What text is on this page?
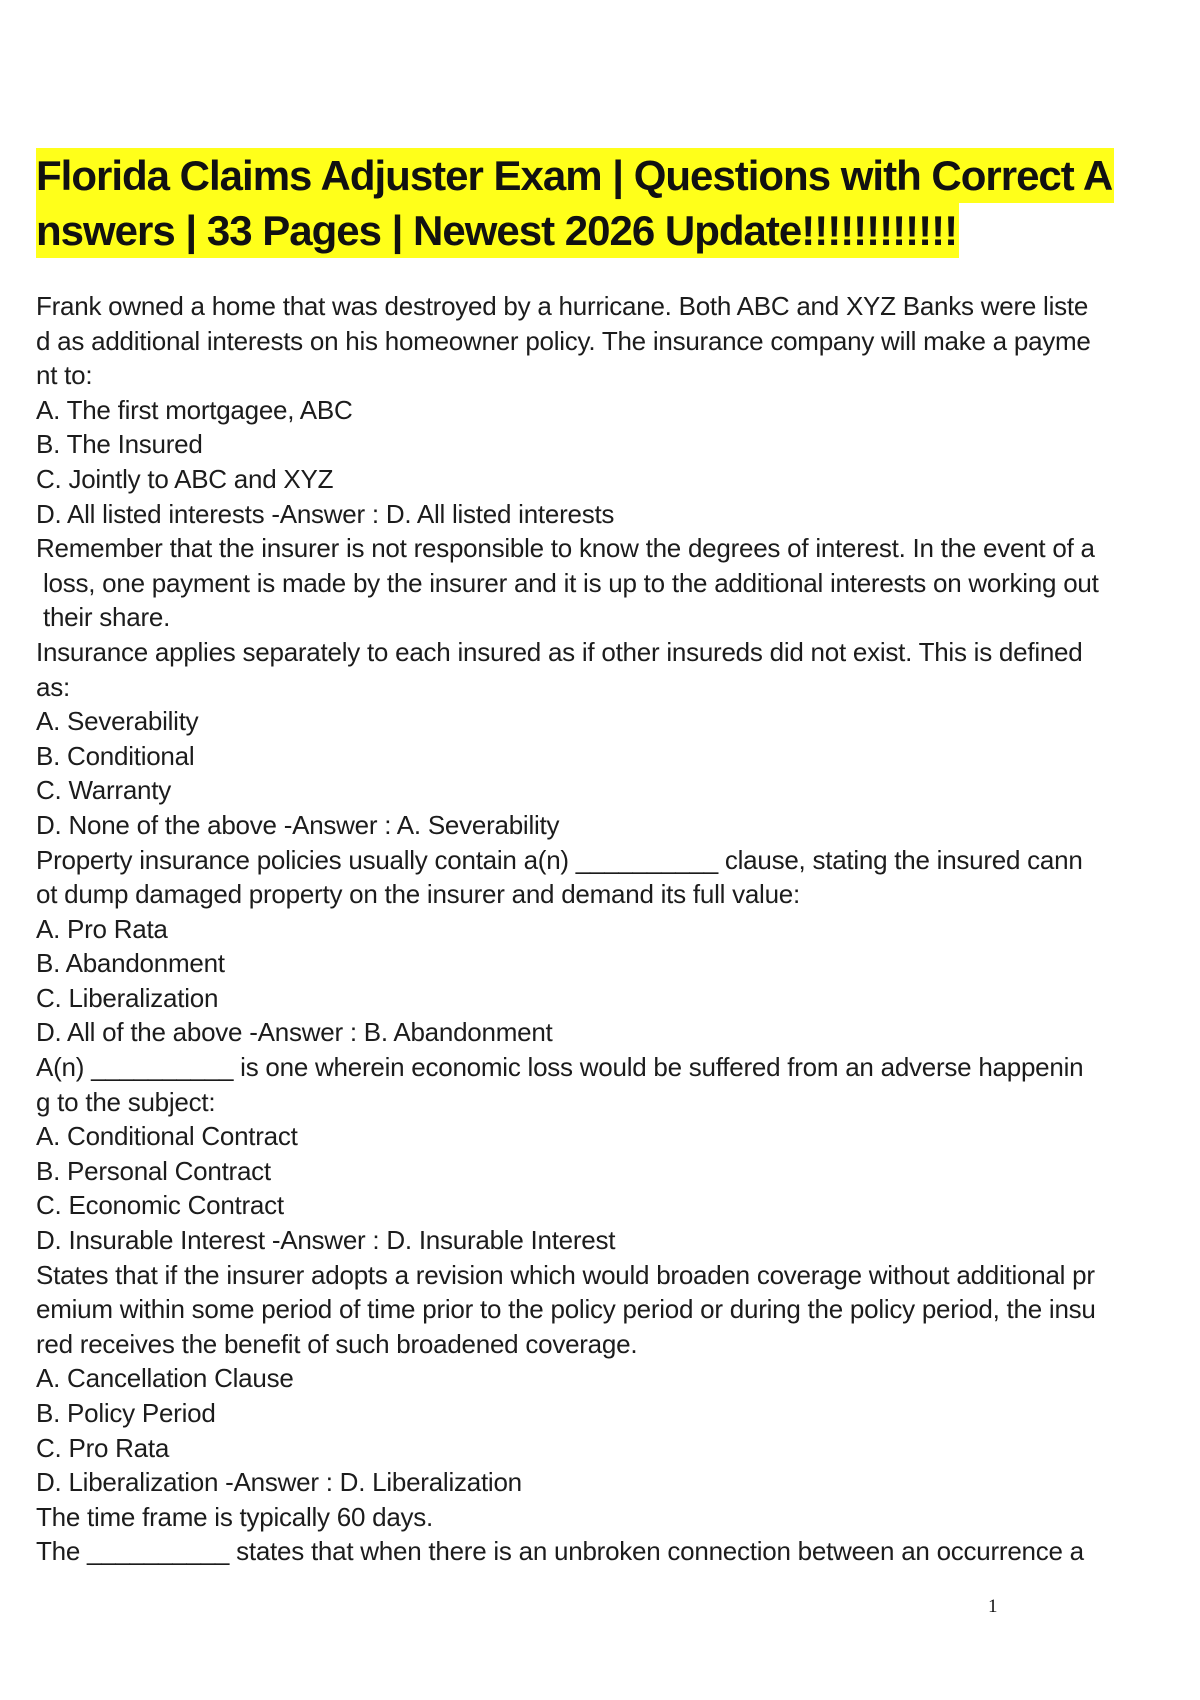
Florida Claims Adjuster Exam | Questions with Correct A
nswers | 33 Pages | Newest 2026 Update!!!!!!!!!!!!
Frank owned a home that was destroyed by a hurricane. Both ABC and XYZ Banks were liste
d as additional interests on his homeowner policy. The insurance company will make a payme
nt to:
A. The first mortgagee, ABC
B. The Insured
C. Jointly to ABC and XYZ
D. All listed interests -Answer : D. All listed interests
Remember that the insurer is not responsible to know the degrees of interest. In the event of a
loss, one payment is made by the insurer and it is up to the additional interests on working out
their share.
Insurance applies separately to each insured as if other insureds did not exist. This is defined
as:
A. Severability
B. Conditional
C. Warranty
D. None of the above -Answer : A. Severability
Property insurance policies usually contain a(n) __________ clause, stating the insured cann
ot dump damaged property on the insurer and demand its full value:
A. Pro Rata
B. Abandonment
C. Liberalization
D. All of the above -Answer : B. Abandonment
A(n) __________ is one wherein economic loss would be suffered from an adverse happenin
g to the subject:
A. Conditional Contract
B. Personal Contract
C. Economic Contract
D. Insurable Interest -Answer : D. Insurable Interest
States that if the insurer adopts a revision which would broaden coverage without additional pr
emium within some period of time prior to the policy period or during the policy period, the insu
red receives the benefit of such broadened coverage.
A. Cancellation Clause
B. Policy Period
C. Pro Rata
D. Liberalization -Answer : D. Liberalization
The time frame is typically 60 days.
The __________ states that when there is an unbroken connection between an occurrence a
1
